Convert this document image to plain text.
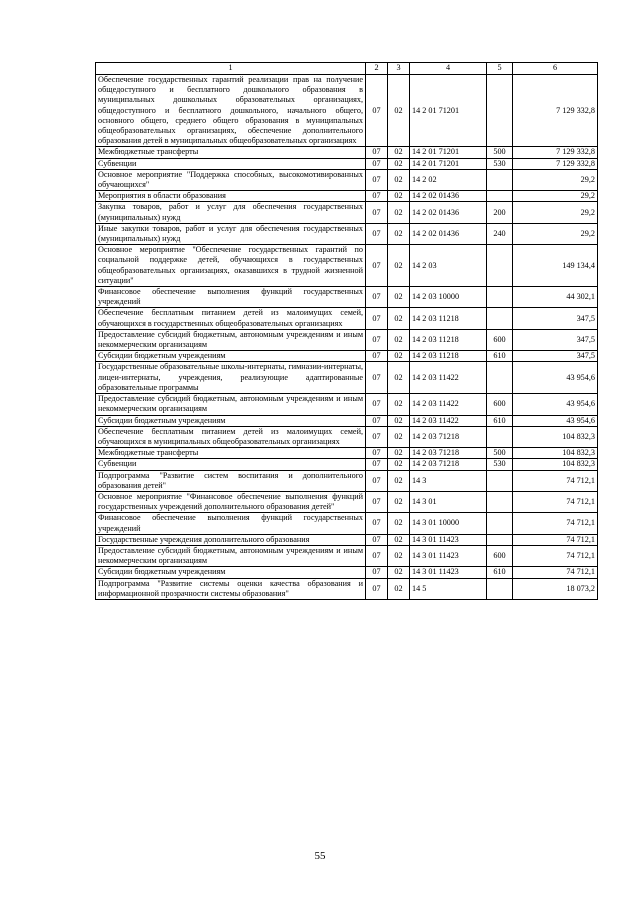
1	2	3	4	5	6
Обеспечение государственных гарантий реализации прав на получение общедоступного и бесплатного дошкольного образования в муниципальных дошкольных образовательных организациях, общедоступного и бесплатного дошкольного, начального общего, основного общего, среднего общего образования в муниципальных общеобразовательных организациях, обеспечение дополнительного образования детей в муниципальных общеобразовательных организациях	07	02	14 2 01 71201		7 129 332,8
Межбюджетные трансферты	07	02	14 2 01 71201	500	7 129 332,8
Субвенции	07	02	14 2 01 71201	530	7 129 332,8
Основное мероприятие "Поддержка способных, высокомотивированных обучающихся"	07	02	14 2 02		29,2
Мероприятия в области образования	07	02	14 2 02 01436		29,2
Закупка товаров, работ и услуг для обеспечения государственных (муниципальных) нужд	07	02	14 2 02 01436	200	29,2
Иные закупки товаров, работ и услуг для обеспечения государственных (муниципальных) нужд	07	02	14 2 02 01436	240	29,2
Основное мероприятие "Обеспечение государственных гарантий по социальной поддержке детей, обучающихся в государственных общеобразовательных организациях, оказавшихся в трудной жизненной ситуации"	07	02	14 2 03		149 134,4
Финансовое обеспечение выполнения функций государственных учреждений	07	02	14 2 03 10000		44 302,1
Обеспечение бесплатным питанием детей из малоимущих семей, обучающихся в государственных общеобразовательных организациях	07	02	14 2 03 11218		347,5
Предоставление субсидий бюджетным, автономным учреждениям и иным некоммерческим организациям	07	02	14 2 03 11218	600	347,5
Субсидии бюджетным учреждениям	07	02	14 2 03 11218	610	347,5
Государственные образовательные школы-интернаты, гимназии-интернаты, лицеи-интернаты, учреждения, реализующие адаптированные образовательные программы	07	02	14 2 03 11422		43 954,6
Предоставление субсидий бюджетным, автономным учреждениям и иным некоммерческим организациям	07	02	14 2 03 11422	600	43 954,6
Субсидии бюджетным учреждениям	07	02	14 2 03 11422	610	43 954,6
Обеспечение бесплатным питанием детей из малоимущих семей, обучающихся в муниципальных общеобразовательных организациях	07	02	14 2 03 71218		104 832,3
Межбюджетные трансферты	07	02	14 2 03 71218	500	104 832,3
Субвенции	07	02	14 2 03 71218	530	104 832,3
Подпрограмма "Развитие систем воспитания и дополнительного образования детей"	07	02	14 3		74 712,1
Основное мероприятие "Финансовое обеспечение выполнения функций государственных учреждений дополнительного образования детей"	07	02	14 3 01		74 712,1
Финансовое обеспечение выполнения функций государственных учреждений	07	02	14 3 01 10000		74 712,1
Государственные учреждения дополнительного образования	07	02	14 3 01 11423		74 712,1
Предоставление субсидий бюджетным, автономным учреждениям и иным некоммерческим организациям	07	02	14 3 01 11423	600	74 712,1
Субсидии бюджетным учреждениям	07	02	14 3 01 11423	610	74 712,1
Подпрограмма "Развитие системы оценки качества образования и информационной прозрачности системы образования"	07	02	14 5		18 073,2
55
